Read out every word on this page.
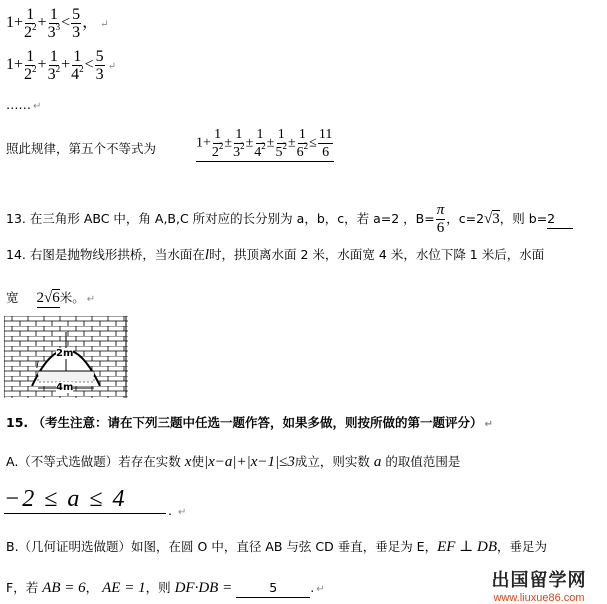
$1+ \frac{1}{2^2} + \frac{1}{3^3} < \frac{5}{3}$ ， ↵
$1+ \frac{1}{2^2} + \frac{1}{3^2} + \frac{1}{4^2} < \frac{5}{3}$ ↵
…… ↵
照此规律，第五个不等式为	$1+ \frac{1}{2^2} \pm \frac{1}{3^2} \pm \frac{1}{4^2} \pm \frac{1}{5^2} \pm \frac{1}{6^2} \le \frac{11}{6}$
13. 在三角形 ABC 中，角 A,B,C 所对应的长分别为 a，b，c，若 a=2 ，$B= \frac{\pi}{6}$ ，c=2√3，则 b=2
14. 右图是抛物线形拱桥，当水面在l时，拱顶离水面 2 米，水面宽 4 米，水位下降 1 米后，水面
宽 2√6米。 ↵
2m
4m
l
15. （考生注意：请在下列三题中任选一题作答，如果多做，则按所做的第一题评分） ↵
A.（不等式选做题）若存在实数 x使|x−a|+|x−1|≤3成立，则实数 a 的取值范围是
−2 ≤ a ≤ 4	. ↵
B.（几何证明选做题）如图，在圆 O 中，直径 AB 与弦 CD 垂直，垂足为 E，EF ⊥ DB，垂足为
F，若 AB = 6， AE = 1，则 DF·DB =	5	. ↵	出国留学网
www.liuxue86.com
